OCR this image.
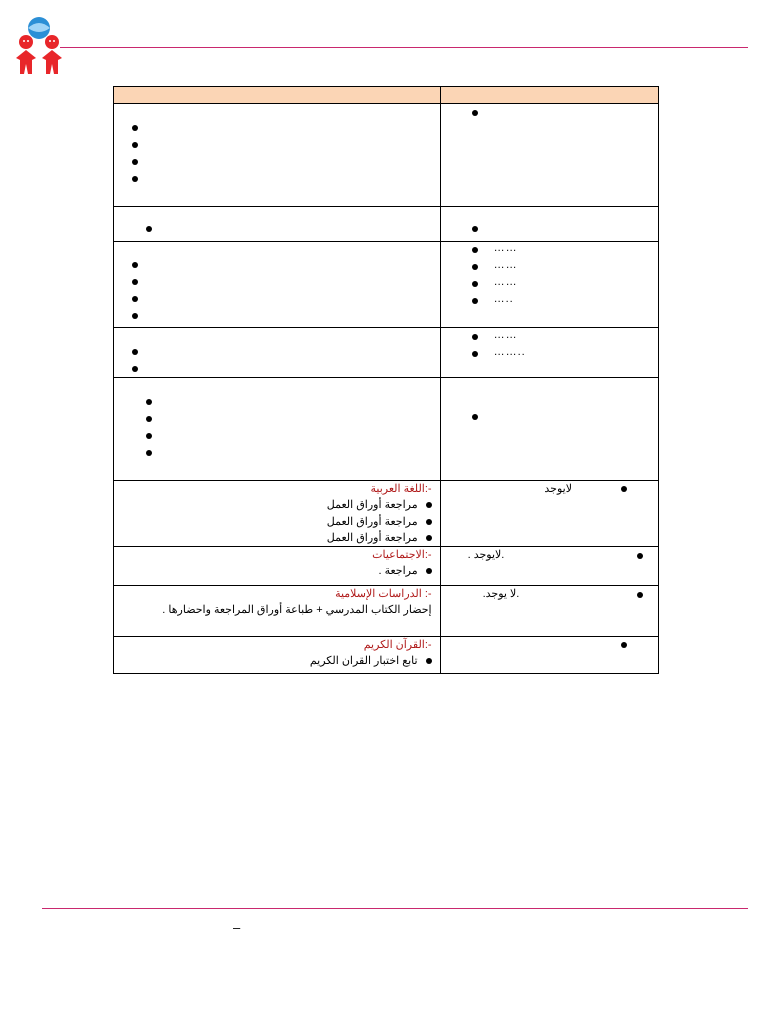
	……
……
……
…..

	……
……..

اللغة العربية:-
مراجعة أوراق العمل
مراجعة أوراق العمل
مراجعة أوراق العمل	لايوجد

الاجتماعيات:-
مراجعة .	.لايوجد .

الدراسات الإسلامية :-
إحضار الكتاب المدرسي + طباعة أوراق المراجعة واحضارها .	.لا يوجد.

القرآن الكريم:-
تابع اختبار القران الكريم	

–
